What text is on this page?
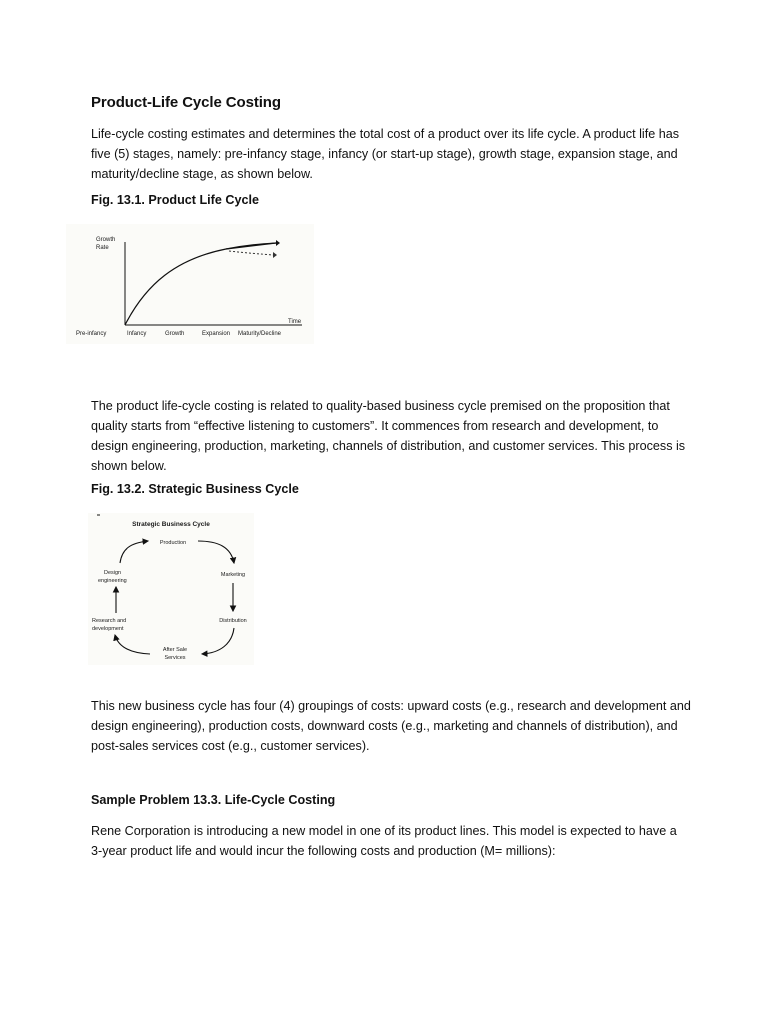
Product-Life Cycle Costing

Life-cycle costing estimates and determines the total cost of a product over its life cycle. A product life has five (5) stages, namely: pre-infancy stage, infancy (or start-up stage), growth stage, expansion stage, and maturity/decline stage, as shown below.

Fig. 13.1. Product Life Cycle

Growth
Rate
Time
Pre-infancy	Infancy	Growth	Expansion Maturity/Decline

The product life-cycle costing is related to quality-based business cycle premised on the proposition that quality starts from “effective listening to customers”. It commences from research and development, to design engineering, production, marketing, channels of distribution, and customer services. This process is shown below.

Fig. 13.2. Strategic Business Cycle

Strategic Business Cycle
Production
Marketing
Distribution
After Sale
Services
Research and
development
Design
engineering

This new business cycle has four (4) groupings of costs: upward costs (e.g., research and development and design engineering), production costs, downward costs (e.g., marketing and channels of distribution), and post-sales services cost (e.g., customer services).

Sample Problem 13.3. Life-Cycle Costing

Rene Corporation is introducing a new model in one of its product lines. This model is expected to have a 3-year product life and would incur the following costs and production (M= millions):
